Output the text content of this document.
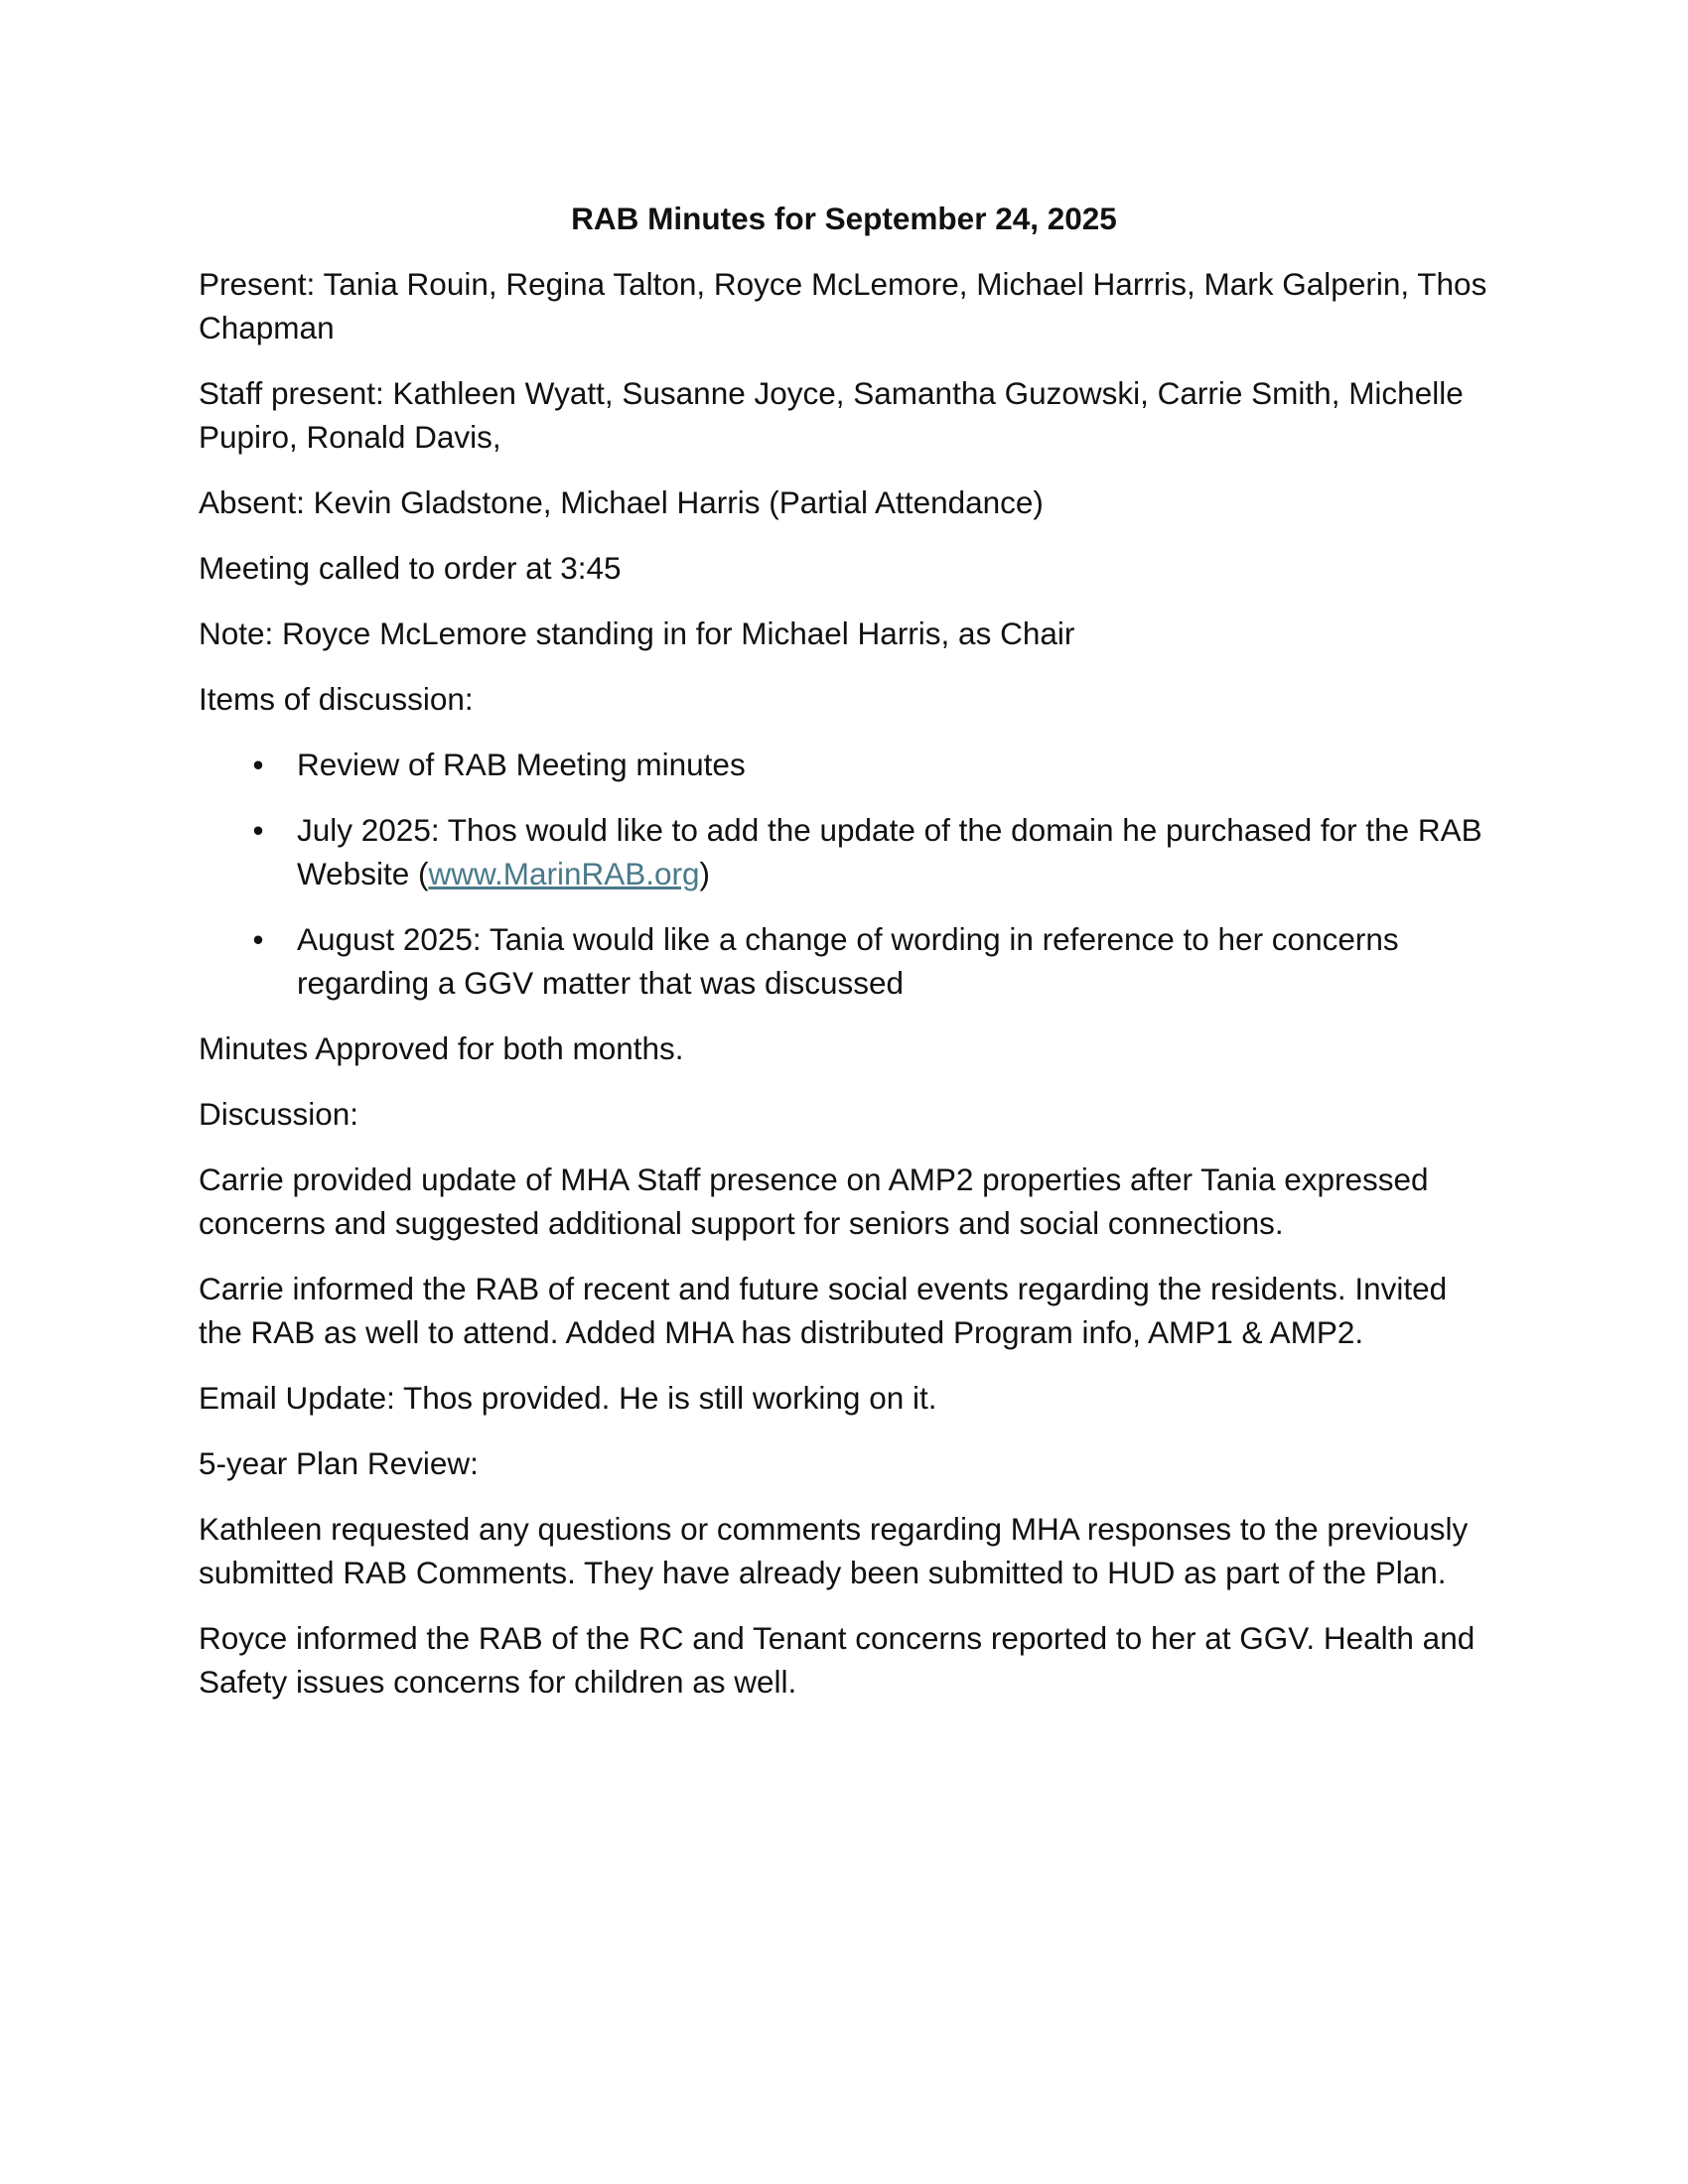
RAB Minutes for September 24, 2025
Present: Tania Rouin, Regina Talton, Royce McLemore, Michael Harrris, Mark Galperin, Thos Chapman
Staff present: Kathleen Wyatt, Susanne Joyce, Samantha Guzowski, Carrie Smith, Michelle Pupiro, Ronald Davis,
Absent: Kevin Gladstone, Michael Harris (Partial Attendance)
Meeting called to order at 3:45
Note: Royce McLemore standing in for Michael Harris, as Chair
Items of discussion:
• Review of RAB Meeting minutes
• July 2025: Thos would like to add the update of the domain he purchased for the RAB Website (www.MarinRAB.org)
• August 2025: Tania would like a change of wording in reference to her concerns regarding a GGV matter that was discussed
Minutes Approved for both months.
Discussion:
Carrie provided update of MHA Staff presence on AMP2 properties after Tania expressed concerns and suggested additional support for seniors and social connections.
Carrie informed the RAB of recent and future social events regarding the residents. Invited the RAB as well to attend. Added MHA has distributed Program info, AMP1 & AMP2.
Email Update: Thos provided. He is still working on it.
5-year Plan Review:
Kathleen requested any questions or comments regarding MHA responses to the previously submitted RAB Comments. They have already been submitted to HUD as part of the Plan.
Royce informed the RAB of the RC and Tenant concerns reported to her at GGV. Health and Safety issues concerns for children as well.
